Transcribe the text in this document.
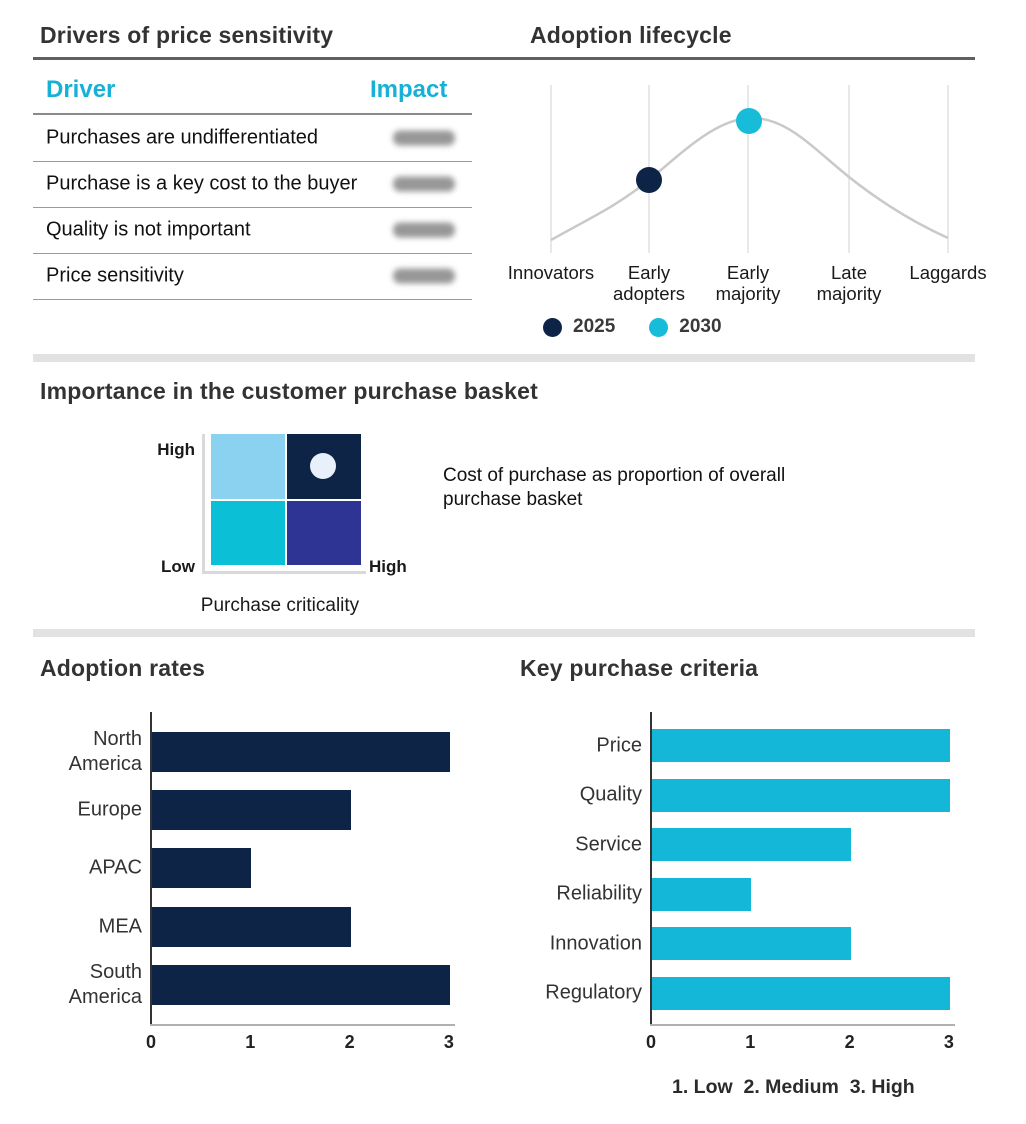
Drivers of price sensitivity	Adoption lifecycle
Driver	Impact
Purchases are undifferentiated
Purchase is a key cost to the buyer
Quality is not important
Price sensitivity	Innovators	Early adopters
Early majority
Late majority
Laggards
2025	2030
Importance in the customer purchase basket
High
Low	High
Purchase criticality
Cost of purchase as proportion of overall purchase basket
Adoption rates	Key purchase criteria
North America
Europe
APAC
MEA
South America
0	1	2	3
Price
Quality
Service
Reliability
Innovation
Regulatory
0	1	2	3
1. Low  2. Medium  3. High
